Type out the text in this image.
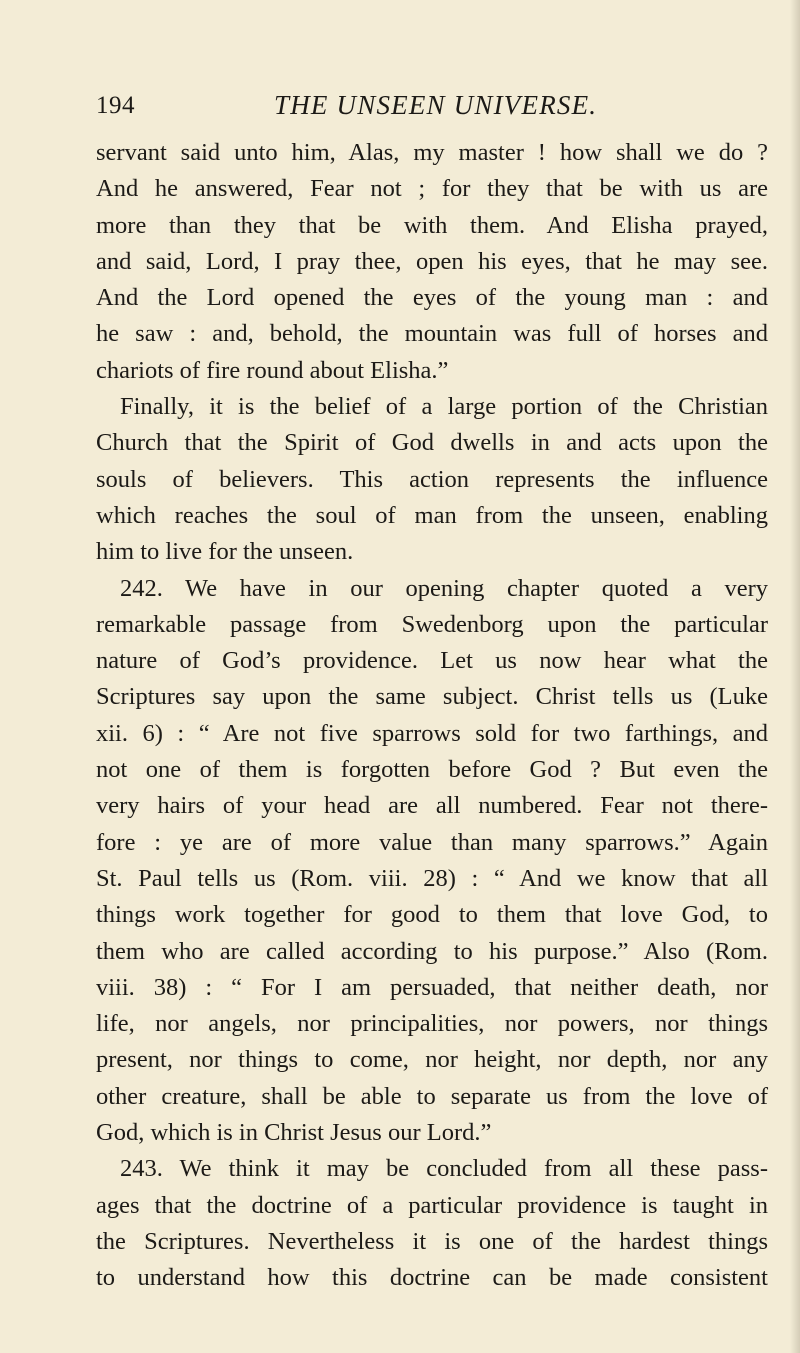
194	THE UNSEEN UNIVERSE.
servant said unto him, Alas, my master ! how shall we do ?
And he answered, Fear not ; for they that be with us are
more than they that be with them. And Elisha prayed,
and said, Lord, I pray thee, open his eyes, that he may see.
And the Lord opened the eyes of the young man : and
he saw : and, behold, the mountain was full of horses and
chariots of fire round about Elisha.”
Finally, it is the belief of a large portion of the Christian
Church that the Spirit of God dwells in and acts upon the
souls of believers. This action represents the influence
which reaches the soul of man from the unseen, enabling
him to live for the unseen.
242. We have in our opening chapter quoted a very
remarkable passage from Swedenborg upon the particular
nature of God’s providence. Let us now hear what the
Scriptures say upon the same subject. Christ tells us (Luke
xii. 6) : “ Are not five sparrows sold for two farthings, and
not one of them is forgotten before God ? But even the
very hairs of your head are all numbered. Fear not there-
fore : ye are of more value than many sparrows.” Again
St. Paul tells us (Rom. viii. 28) : “ And we know that all
things work together for good to them that love God, to
them who are called according to his purpose.” Also (Rom.
viii. 38) : “ For I am persuaded, that neither death, nor
life, nor angels, nor principalities, nor powers, nor things
present, nor things to come, nor height, nor depth, nor any
other creature, shall be able to separate us from the love of
God, which is in Christ Jesus our Lord.”
243. We think it may be concluded from all these pass-
ages that the doctrine of a particular providence is taught in
the Scriptures. Nevertheless it is one of the hardest things
to understand how this doctrine can be made consistent
